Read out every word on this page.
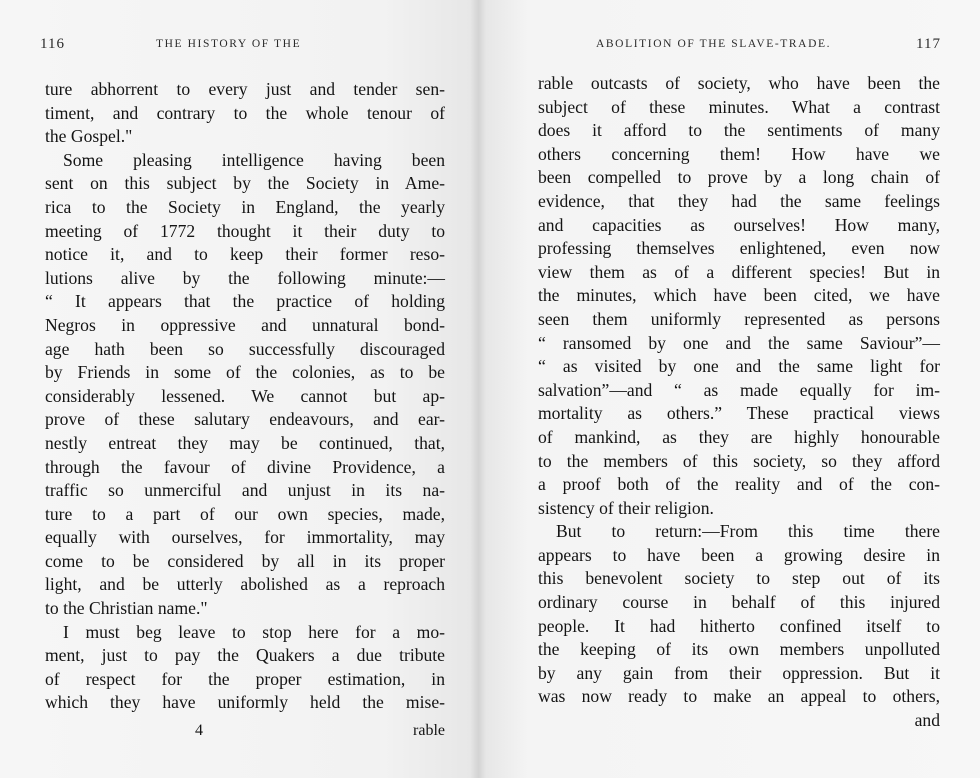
116	THE HISTORY OF THE
ture abhorrent to every just and tender sen-
timent, and contrary to the whole tenour of
the Gospel."
Some pleasing intelligence having been
sent on this subject by the Society in Ame-
rica to the Society in England, the yearly
meeting of 1772 thought it their duty to
notice it, and to keep their former reso-
lutions alive by the following minute:—
“ It appears that the practice of holding
Negros in oppressive and unnatural bond-
age hath been so successfully discouraged
by Friends in some of the colonies, as to be
considerably lessened. We cannot but ap-
prove of these salutary endeavours, and ear-
nestly entreat they may be continued, that,
through the favour of divine Providence, a
traffic so unmerciful and unjust in its na-
ture to a part of our own species, made,
equally with ourselves, for immortality, may
come to be considered by all in its proper
light, and be utterly abolished as a reproach
to the Christian name."
I must beg leave to stop here for a mo-
ment, just to pay the Quakers a due tribute
of respect for the proper estimation, in
which they have uniformly held the mise-
4	rable
ABOLITION OF THE SLAVE-TRADE.	117
rable outcasts of society, who have been the
subject of these minutes. What a contrast
does it afford to the sentiments of many
others concerning them! How have we
been compelled to prove by a long chain of
evidence, that they had the same feelings
and capacities as ourselves! How many,
professing themselves enlightened, even now
view them as of a different species! But in
the minutes, which have been cited, we have
seen them uniformly represented as persons
“ ransomed by one and the same Saviour”—
“ as visited by one and the same light for
salvation”—and “ as made equally for im-
mortality as others.” These practical views
of mankind, as they are highly honourable
to the members of this society, so they afford
a proof both of the reality and of the con-
sistency of their religion.
But to return:—From this time there
appears to have been a growing desire in
this benevolent society to step out of its
ordinary course in behalf of this injured
people. It had hitherto confined itself to
the keeping of its own members unpolluted
by any gain from their oppression. But it
was now ready to make an appeal to others,
and
